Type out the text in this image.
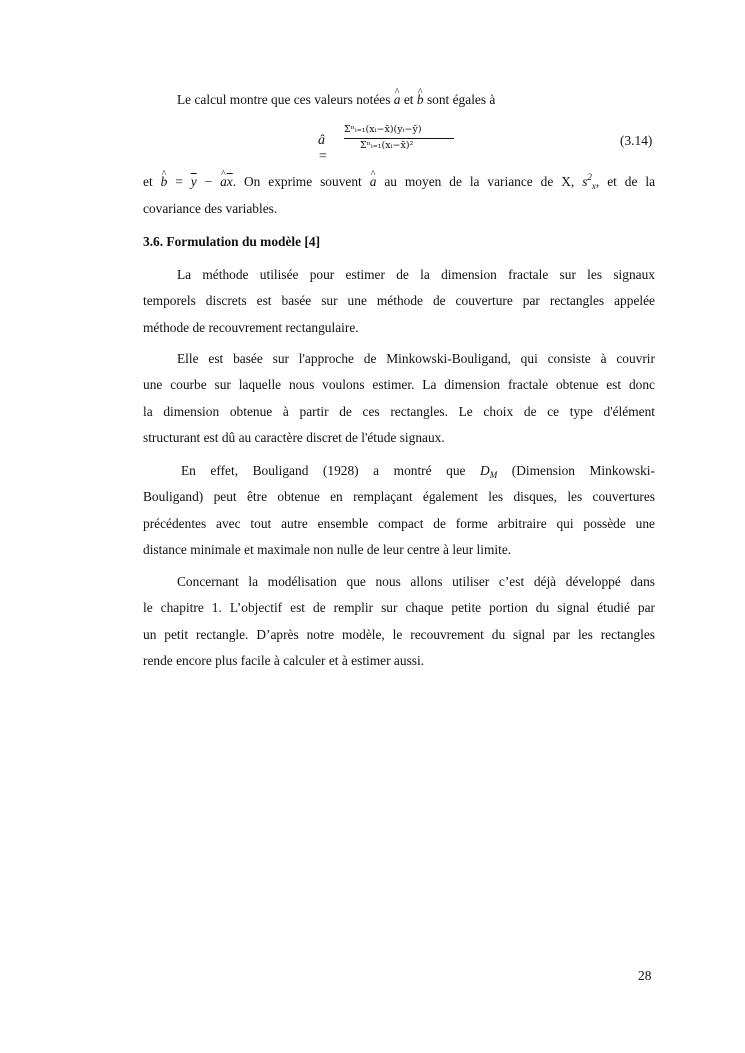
Le calcul montre que ces valeurs notées ^ a et ^ b sont égales à
â =
Σⁿᵢ₌₁(xᵢ−x̄)(yᵢ−ȳ)
Σⁿᵢ₌₁(xᵢ−x̄)²	(3.14)
et ^ $b = \overline{y}$ − ^ $a\overline{x}$. On exprime souvent ^ a au moyen de la variance de X, $s^2_x$, et de la
covariance des variables.
3.6. Formulation du modèle [4]
La méthode utilisée pour estimer de la dimension fractale sur les signaux
temporels discrets est basée sur une méthode de couverture par rectangles appelée
méthode de recouvrement rectangulaire.
Elle est basée sur l'approche de Minkowski-Bouligand, qui consiste à couvrir
une courbe sur laquelle nous voulons estimer. La dimension fractale obtenue est donc
la dimension obtenue à partir de ces rectangles. Le choix de ce type d'élément
structurant est dû au caractère discret de l'étude signaux.
En effet, Bouligand (1928) a montré que $D_M$ (Dimension Minkowski-
Bouligand) peut être obtenue en remplaçant également les disques, les couvertures
précédentes avec tout autre ensemble compact de forme arbitraire qui possède une
distance minimale et maximale non nulle de leur centre à leur limite.
Concernant la modélisation que nous allons utiliser c’est déjà développé dans
le chapitre 1. L’objectif est de remplir sur chaque petite portion du signal étudié par
un petit rectangle. D’après notre modèle, le recouvrement du signal par les rectangles
rende encore plus facile à calculer et à estimer aussi.
28
